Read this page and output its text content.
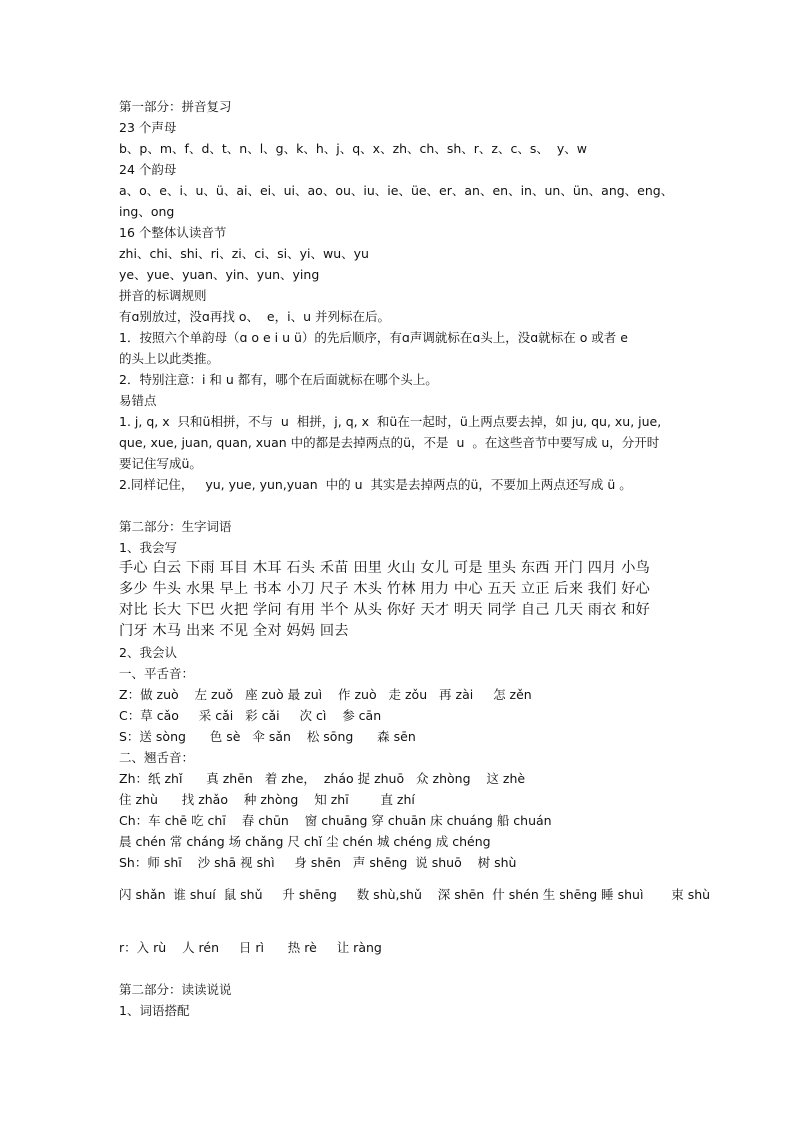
第一部分：拼音复习
23 个声母
b、p、m、f、d、t、n、l、g、k、h、j、q、x、zh、ch、sh、r、z、c、s、  y、w
24 个韵母
a、o、e、i、u、ü、ai、ei、ui、ao、ou、iu、ie、üe、er、an、en、in、un、ün、ang、eng、
ing、ong
16 个整体认读音节
zhi、chi、shi、ri、zi、ci、si、yi、wu、yu
ye、yue、yuan、yin、yun、ying
拼音的标调规则
有ɑ别放过，没ɑ再找 o、  e，i、u 并列标在后。
1．按照六个单韵母（ɑ o e i u ü）的先后顺序，有ɑ声调就标在ɑ头上，没ɑ就标在 o 或者 e
的头上以此类推。
2．特别注意：i 和 u 都有，哪个在后面就标在哪个头上。
易错点
1. j, q, x  只和ü相拼，不与  u  相拼，j, q, x  和ü在一起时，ü上两点要去掉，如 ju, qu, xu, jue,
que, xue, juan, quan, xuan 中的都是去掉两点的ü，不是  u  。在这些音节中要写成 u，分开时
要记住写成ü。
2.同样记住，   yu, yue, yun,yuan  中的 u  其实是去掉两点的ü，不要加上两点还写成 ü 。
第二部分：生字词语
1、我会写
手心 白云 下雨 耳目 木耳 石头 禾苗 田里 火山 女儿 可是 里头 东西 开门 四月 小鸟
多少 牛头 水果 早上 书本 小刀 尺子 木头 竹林 用力 中心 五天 立正 后来 我们 好心
对比 长大 下巴 火把 学问 有用 半个 从头 你好 天才 明天 同学 自己 几天 雨衣 和好
门牙 木马 出来 不见 全对 妈妈 回去
2、我会认
一、平舌音：
Z：做 zuò    左 zuǒ   座 zuò 最 zuì    作 zuò   走 zǒu   再 zài     怎 zěn
C：草 cǎo     采 cǎi   彩 cǎi     次 cì    参 cān
S：送 sòng      色 sè   伞 sǎn    松 sōng      森 sēn
二、翘舌音：
Zh：纸 zhǐ      真 zhēn   着 zhe，  zháo 捉 zhuō   众 zhòng    这 zhè
住 zhù      找 zhǎo    种 zhòng    知 zhī        直 zhí
Ch：车 chē 吃 chī    春 chūn    窗 chuāng 穿 chuān 床 chuáng 船 chuán
晨 chén 常 cháng 场 chǎng 尺 chǐ 尘 chén 城 chéng 成 chéng
Sh：师 shī    沙 shā 视 shì     身 shēn   声 shēng  说 shuō    树 shù
闪 shǎn  谁 shuí  鼠 shǔ     升 shēng     数 shù,shǔ    深 shēn  什 shén 生 shēng 睡 shuì       束 shù
r：入 rù    人 rén     日 rì      热 rè     让 ràng
第二部分：读读说说
1、词语搭配
